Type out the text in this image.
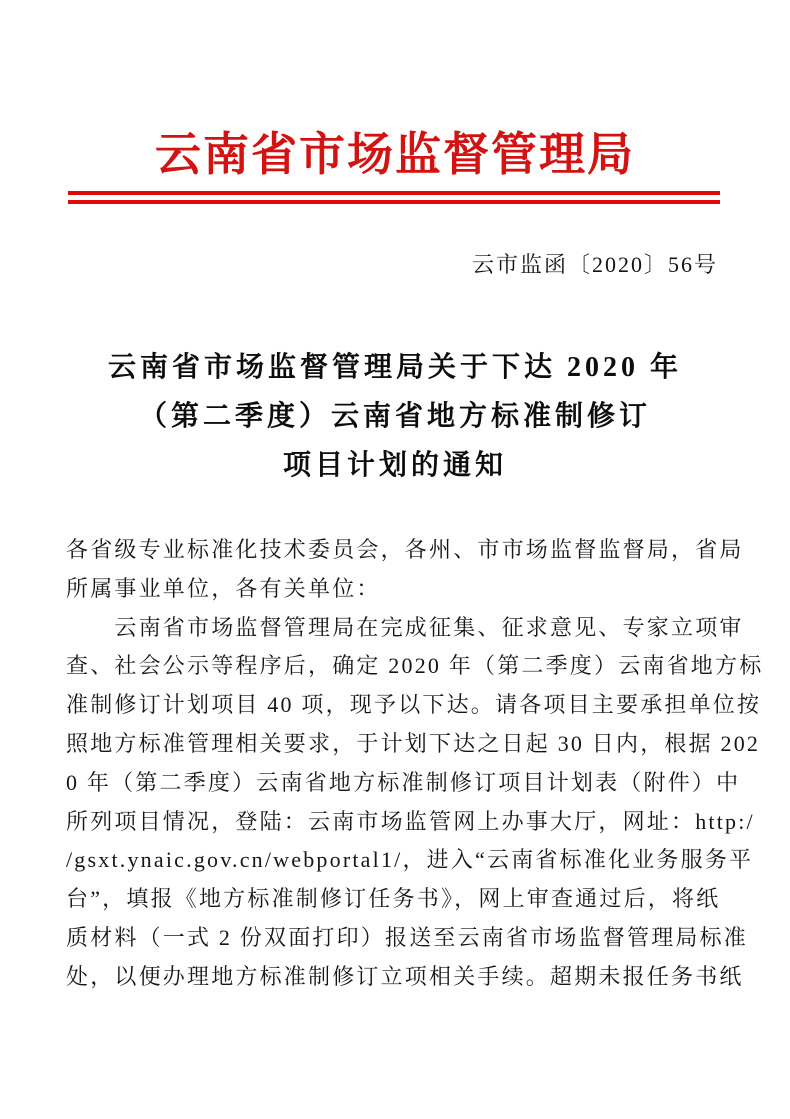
云南省市场监督管理局
云市监函〔2020〕56号
云南省市场监督管理局关于下达 2020 年
（第二季度）云南省地方标准制修订
项目计划的通知
各省级专业标准化技术委员会，各州、市市场监督监督局，省局
所属事业单位，各有关单位：
云南省市场监督管理局在完成征集、征求意见、专家立项审
查、社会公示等程序后，确定 2020 年（第二季度）云南省地方标
准制修订计划项目 40 项，现予以下达。请各项目主要承担单位按
照地方标准管理相关要求，于计划下达之日起 30 日内，根据 202
0 年（第二季度）云南省地方标准制修订项目计划表（附件）中
所列项目情况，登陆：云南市场监管网上办事大厅，网址：http:/
/gsxt.ynaic.gov.cn/webportal1/，进入“云南省标准化业务服务平
台”，填报《地方标准制修订任务书》，网上审查通过后，将纸
质材料（一式 2 份双面打印）报送至云南省市场监督管理局标准
处，以便办理地方标准制修订立项相关手续。超期未报任务书纸
